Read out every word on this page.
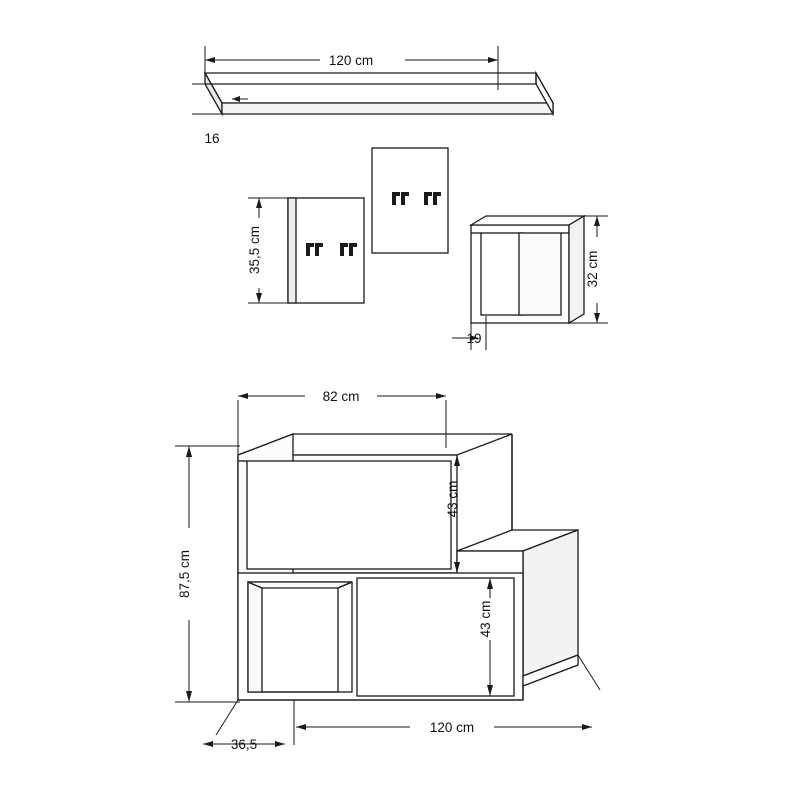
120 cm
16
35,5 cm	32 cm
19
82 cm
87,5 cm
43 cm
43 cm
120 cm
36,5
